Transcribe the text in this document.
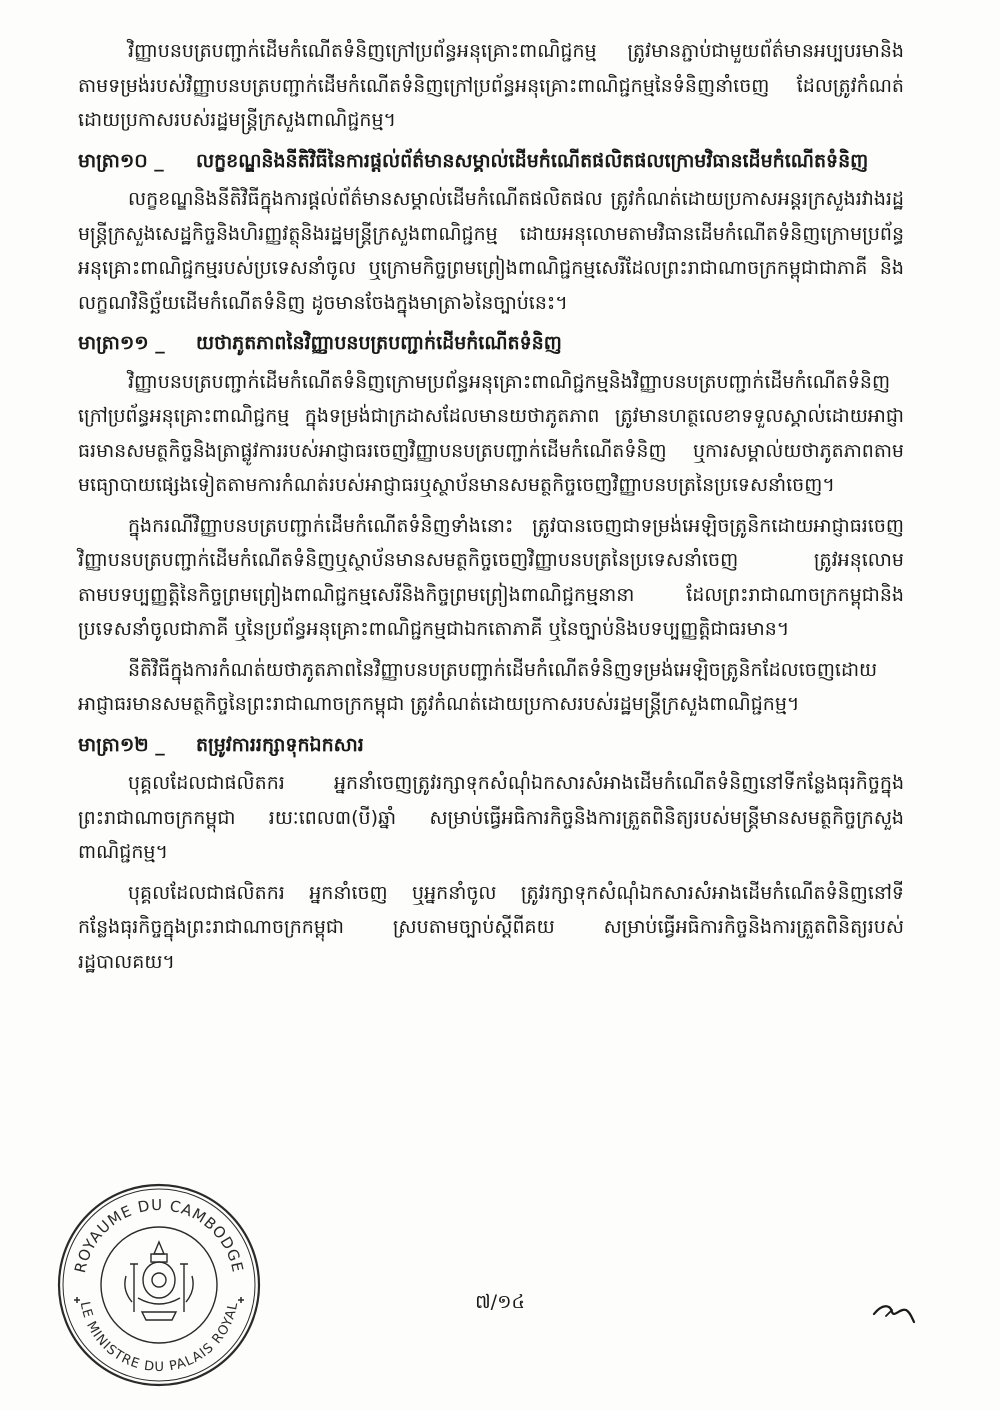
វិញ្ញាបនបត្របញ្ជាក់ដើមកំណើតទំនិញក្រៅប្រព័ន្ធអនុគ្រោះពាណិជ្ជកម្ម ត្រូវមានភ្ជាប់ជាមួយព័ត៌មានអប្បបរមានិងតាមទម្រង់របស់វិញ្ញាបនបត្របញ្ជាក់ដើមកំណើតទំនិញក្រៅប្រព័ន្ធអនុគ្រោះពាណិជ្ជកម្មនៃទំនិញនាំចេញ ដែលត្រូវកំណត់ដោយប្រកាសរបស់រដ្ឋមន្ត្រីក្រសួងពាណិជ្ជកម្ម។

មាត្រា១០ _	លក្ខខណ្ឌនិងនីតិវិធីនៃការផ្តល់ព័ត៌មានសម្គាល់ដើមកំណើតផលិតផលក្រោមវិធានដើមកំណើតទំនិញ

លក្ខខណ្ឌនិងនីតិវិធីក្នុងការផ្តល់ព័ត៌មានសម្គាល់ដើមកំណើតផលិតផល ត្រូវកំណត់ដោយប្រកាសអន្តរក្រសួងរវាងរដ្ឋមន្ត្រីក្រសួងសេដ្ឋកិច្ចនិងហិរញ្ញវត្ថុនិងរដ្ឋមន្ត្រីក្រសួងពាណិជ្ជកម្ម ដោយអនុលោមតាមវិធានដើមកំណើតទំនិញក្រោមប្រព័ន្ធអនុគ្រោះពាណិជ្ជកម្មរបស់ប្រទេសនាំចូល ឬក្រោមកិច្ចព្រមព្រៀងពាណិជ្ជកម្មសេរីដែលព្រះរាជាណាចក្រកម្ពុជាជាភាគី និងលក្ខណវិនិច្ឆ័យដើមកំណើតទំនិញ ដូចមានចែងក្នុងមាត្រា៦នៃច្បាប់នេះ។

មាត្រា១១ _	យថាភូតភាពនៃវិញ្ញាបនបត្របញ្ជាក់ដើមកំណើតទំនិញ

វិញ្ញាបនបត្របញ្ជាក់ដើមកំណើតទំនិញក្រោមប្រព័ន្ធអនុគ្រោះពាណិជ្ជកម្មនិងវិញ្ញាបនបត្របញ្ជាក់ដើមកំណើតទំនិញក្រៅប្រព័ន្ធអនុគ្រោះពាណិជ្ជកម្ម ក្នុងទម្រង់ជាក្រដាសដែលមានយថាភូតភាព ត្រូវមានហត្ថលេខាទទួលស្គាល់ដោយអាជ្ញាធរមានសមត្ថកិច្ចនិងត្រាផ្លូវការរបស់អាជ្ញាធរចេញវិញ្ញាបនបត្របញ្ជាក់ដើមកំណើតទំនិញ ឬការសម្គាល់យថាភូតភាពតាមមធ្យោបាយផ្សេងទៀតតាមការកំណត់របស់អាជ្ញាធរឬស្ថាប័នមានសមត្ថកិច្ចចេញវិញ្ញាបនបត្រនៃប្រទេសនាំចេញ។

ក្នុងករណីវិញ្ញាបនបត្របញ្ជាក់ដើមកំណើតទំនិញទាំងនោះ ត្រូវបានចេញជាទម្រង់អេឡិចត្រូនិកដោយអាជ្ញាធរចេញវិញ្ញាបនបត្របញ្ជាក់ដើមកំណើតទំនិញឬស្ថាប័នមានសមត្ថកិច្ចចេញវិញ្ញាបនបត្រនៃប្រទេសនាំចេញ ត្រូវអនុលោមតាមបទប្បញ្ញត្តិនៃកិច្ចព្រមព្រៀងពាណិជ្ជកម្មសេរីនិងកិច្ចព្រមព្រៀងពាណិជ្ជកម្មនានា ដែលព្រះរាជាណាចក្រកម្ពុជានិងប្រទេសនាំចូលជាភាគី ឬនៃប្រព័ន្ធអនុគ្រោះពាណិជ្ជកម្មជាឯកតោភាគី ឬនៃច្បាប់និងបទប្បញ្ញត្តិជាធរមាន។

នីតិវិធីក្នុងការកំណត់យថាភូតភាពនៃវិញ្ញាបនបត្របញ្ជាក់ដើមកំណើតទំនិញទម្រង់អេឡិចត្រូនិកដែលចេញដោយអាជ្ញាធរមានសមត្ថកិច្ចនៃព្រះរាជាណាចក្រកម្ពុជា ត្រូវកំណត់ដោយប្រកាសរបស់រដ្ឋមន្ត្រីក្រសួងពាណិជ្ជកម្ម។

មាត្រា១២ _	តម្រូវការរក្សាទុកឯកសារ

បុគ្គលដែលជាផលិតករ អ្នកនាំចេញត្រូវរក្សាទុកសំណុំឯកសារសំអាងដើមកំណើតទំនិញនៅទីកន្លែងធុរកិច្ចក្នុងព្រះរាជាណាចក្រកម្ពុជា រយៈពេល៣(បី)ឆ្នាំ សម្រាប់ធ្វើអធិការកិច្ចនិងការត្រួតពិនិត្យរបស់មន្ត្រីមានសមត្ថកិច្ចក្រសួងពាណិជ្ជកម្ម។

បុគ្គលដែលជាផលិតករ អ្នកនាំចេញ ឬអ្នកនាំចូល ត្រូវរក្សាទុកសំណុំឯកសារសំអាងដើមកំណើតទំនិញនៅទីកន្លែងធុរកិច្ចក្នុងព្រះរាជាណាចក្រកម្ពុជា ស្របតាមច្បាប់ស្តីពីគយ សម្រាប់ធ្វើអធិការកិច្ចនិងការត្រួតពិនិត្យរបស់រដ្ឋបាលគយ។

ROYAUME DU CAMBODGE
LE MINISTRE DU PALAIS ROYAL	៧/១៤
